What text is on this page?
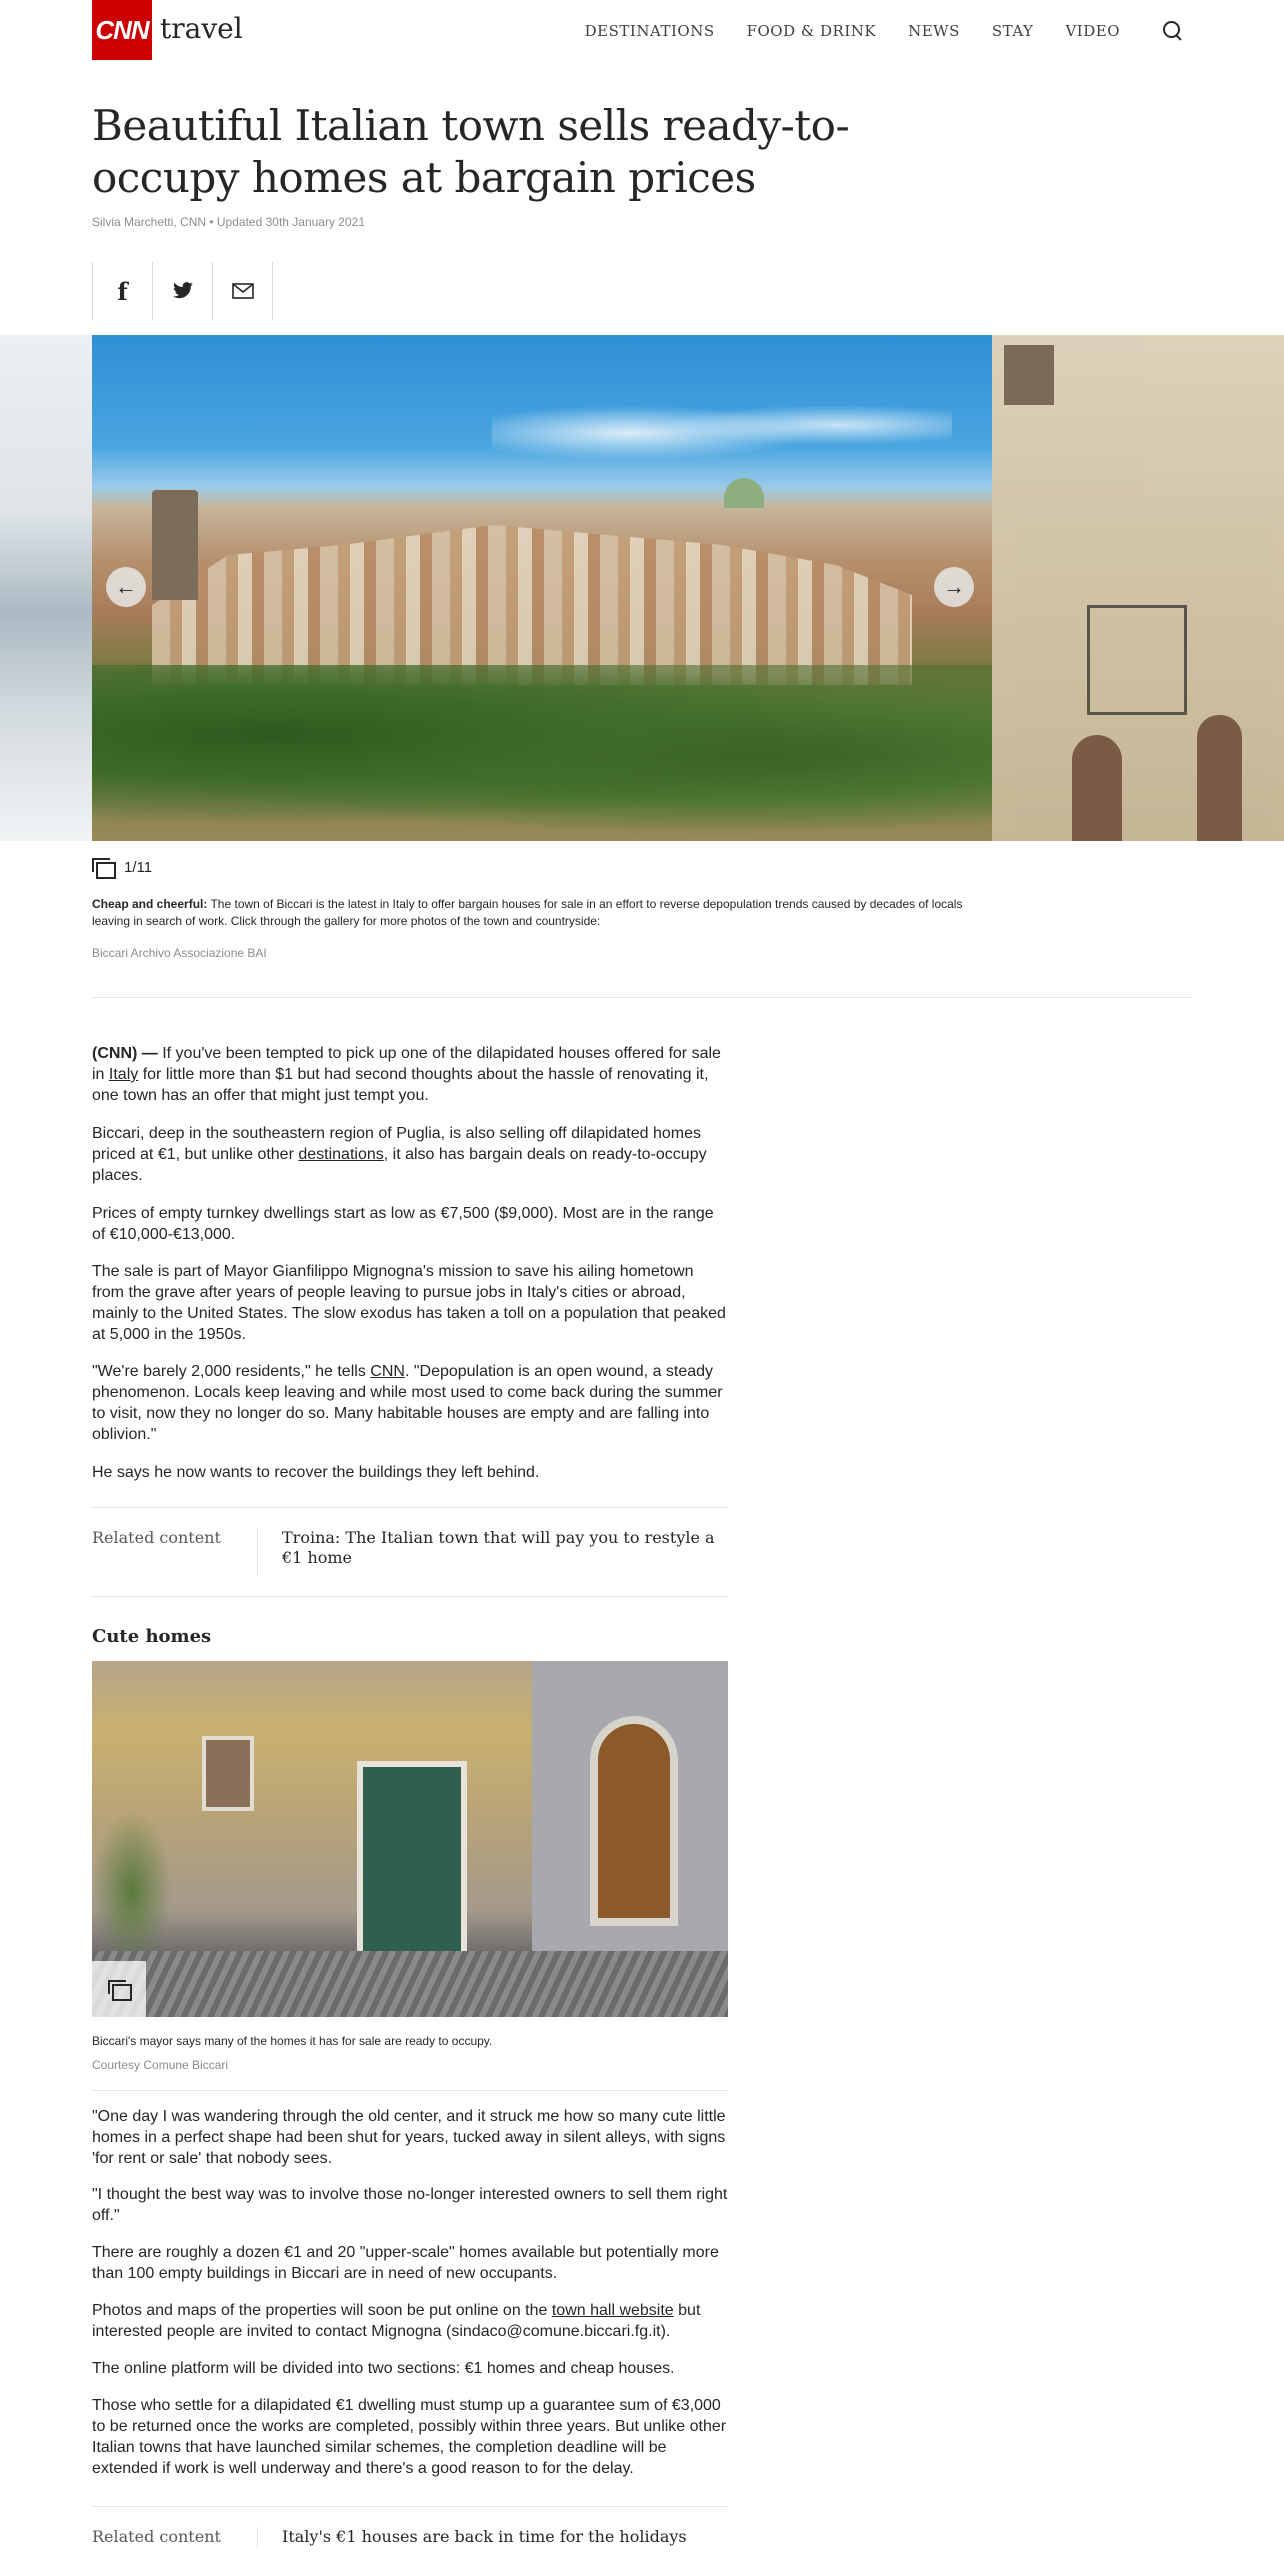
CNN travel	DESTINATIONS FOOD & DRINK NEWS STAY VIDEO
Beautiful Italian town sells ready-to-occupy homes at bargain prices
Silvia Marchetti, CNN • Updated 30th January 2021
f
←	→
1/11
Cheap and cheerful: The town of Biccari is the latest in Italy to offer bargain houses for sale in an effort to reverse depopulation trends caused by decades of locals leaving in search of work. Click through the gallery for more photos of the town and countryside:
Biccari Archivo Associazione BAI
(CNN) — If you've been tempted to pick up one of the dilapidated houses offered for sale in Italy for little more than $1 but had second thoughts about the hassle of renovating it, one town has an offer that might just tempt you.
Biccari, deep in the southeastern region of Puglia, is also selling off dilapidated homes priced at €1, but unlike other destinations, it also has bargain deals on ready-to-occupy places.
Prices of empty turnkey dwellings start as low as €7,500 ($9,000). Most are in the range of €10,000-€13,000.
The sale is part of Mayor Gianfilippo Mignogna's mission to save his ailing hometown from the grave after years of people leaving to pursue jobs in Italy's cities or abroad, mainly to the United States. The slow exodus has taken a toll on a population that peaked at 5,000 in the 1950s.
"We're barely 2,000 residents," he tells CNN. "Depopulation is an open wound, a steady phenomenon. Locals keep leaving and while most used to come back during the summer to visit, now they no longer do so. Many habitable houses are empty and are falling into oblivion."
He says he now wants to recover the buildings they left behind.
Related content	Troina: The Italian town that will pay you to restyle a €1 home
Cute homes
Biccari's mayor says many of the homes it has for sale are ready to occupy.
Courtesy Comune Biccari
"One day I was wandering through the old center, and it struck me how so many cute little homes in a perfect shape had been shut for years, tucked away in silent alleys, with signs 'for rent or sale' that nobody sees.
"I thought the best way was to involve those no-longer interested owners to sell them right off."
There are roughly a dozen €1 and 20 "upper-scale" homes available but potentially more than 100 empty buildings in Biccari are in need of new occupants.
Photos and maps of the properties will soon be put online on the town hall website but interested people are invited to contact Mignogna (sindaco@comune.biccari.fg.it).
The online platform will be divided into two sections: €1 homes and cheap houses.
Those who settle for a dilapidated €1 dwelling must stump up a guarantee sum of €3,000 to be returned once the works are completed, possibly within three years. But unlike other Italian towns that have launched similar schemes, the completion deadline will be extended if work is well underway and there's a good reason to for the delay.
Related content	Italy's €1 houses are back in time for the holidays
